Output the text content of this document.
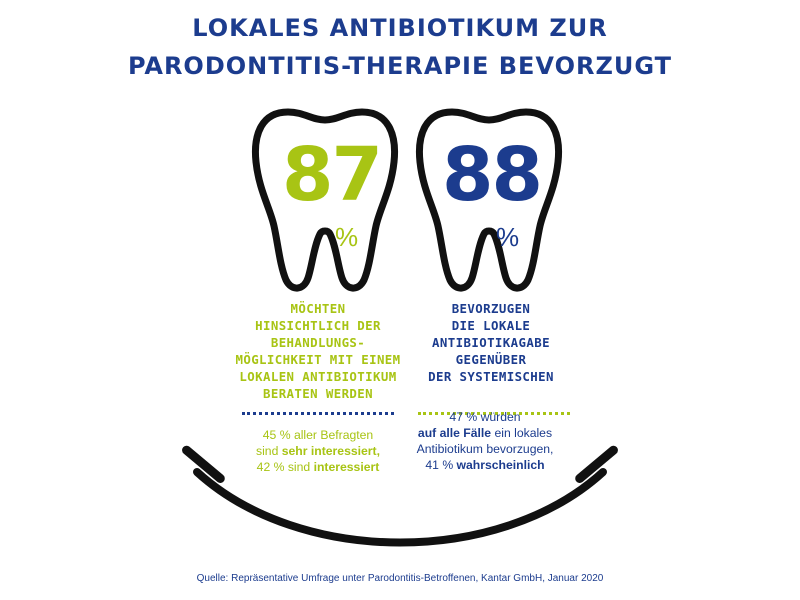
LOKALES ANTIBIOTIKUM ZUR
PARODONTITIS-THERAPIE BEVORZUGT
87
%
88
%
MÖCHTEN
HINSICHTLICH DER
BEHANDLUNGS-
MÖGLICHKEIT MIT EINEM
LOKALEN ANTIBIOTIKUM
BERATEN WERDEN
BEVORZUGEN
DIE LOKALE
ANTIBIOTIKAGABE
GEGENÜBER
DER SYSTEMISCHEN
45 % aller Befragten
sind sehr interessiert,
42 % sind interessiert
47 % würden
auf alle Fälle ein lokales
Antibiotikum bevorzugen,
41 % wahrscheinlich
Quelle: Repräsentative Umfrage unter Parodontitis-Betroffenen, Kantar GmbH, Januar 2020
